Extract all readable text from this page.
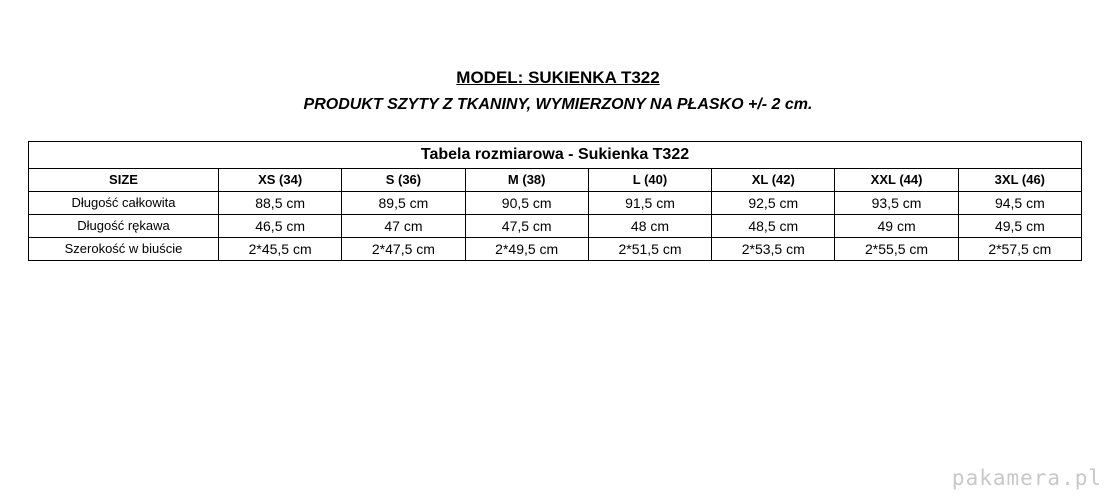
MODEL: SUKIENKA T322
PRODUKT SZYTY Z TKANINY, WYMIERZONY NA PŁASKO +/- 2 cm.
Tabela rozmiarowa - Sukienka T322							
SIZE	XS (34)	S (36)	M (38)	L (40)	XL (42)	XXL (44)	3XL (46)
Długość całkowita	88,5 cm	89,5 cm	90,5 cm	91,5 cm	92,5 cm	93,5 cm	94,5 cm
Długość rękawa	46,5 cm	47 cm	47,5 cm	48 cm	48,5 cm	49 cm	49,5 cm
Szerokość w biuście	2*45,5 cm	2*47,5 cm	2*49,5 cm	2*51,5 cm	2*53,5 cm	2*55,5 cm	2*57,5 cm
pakamera.pl
